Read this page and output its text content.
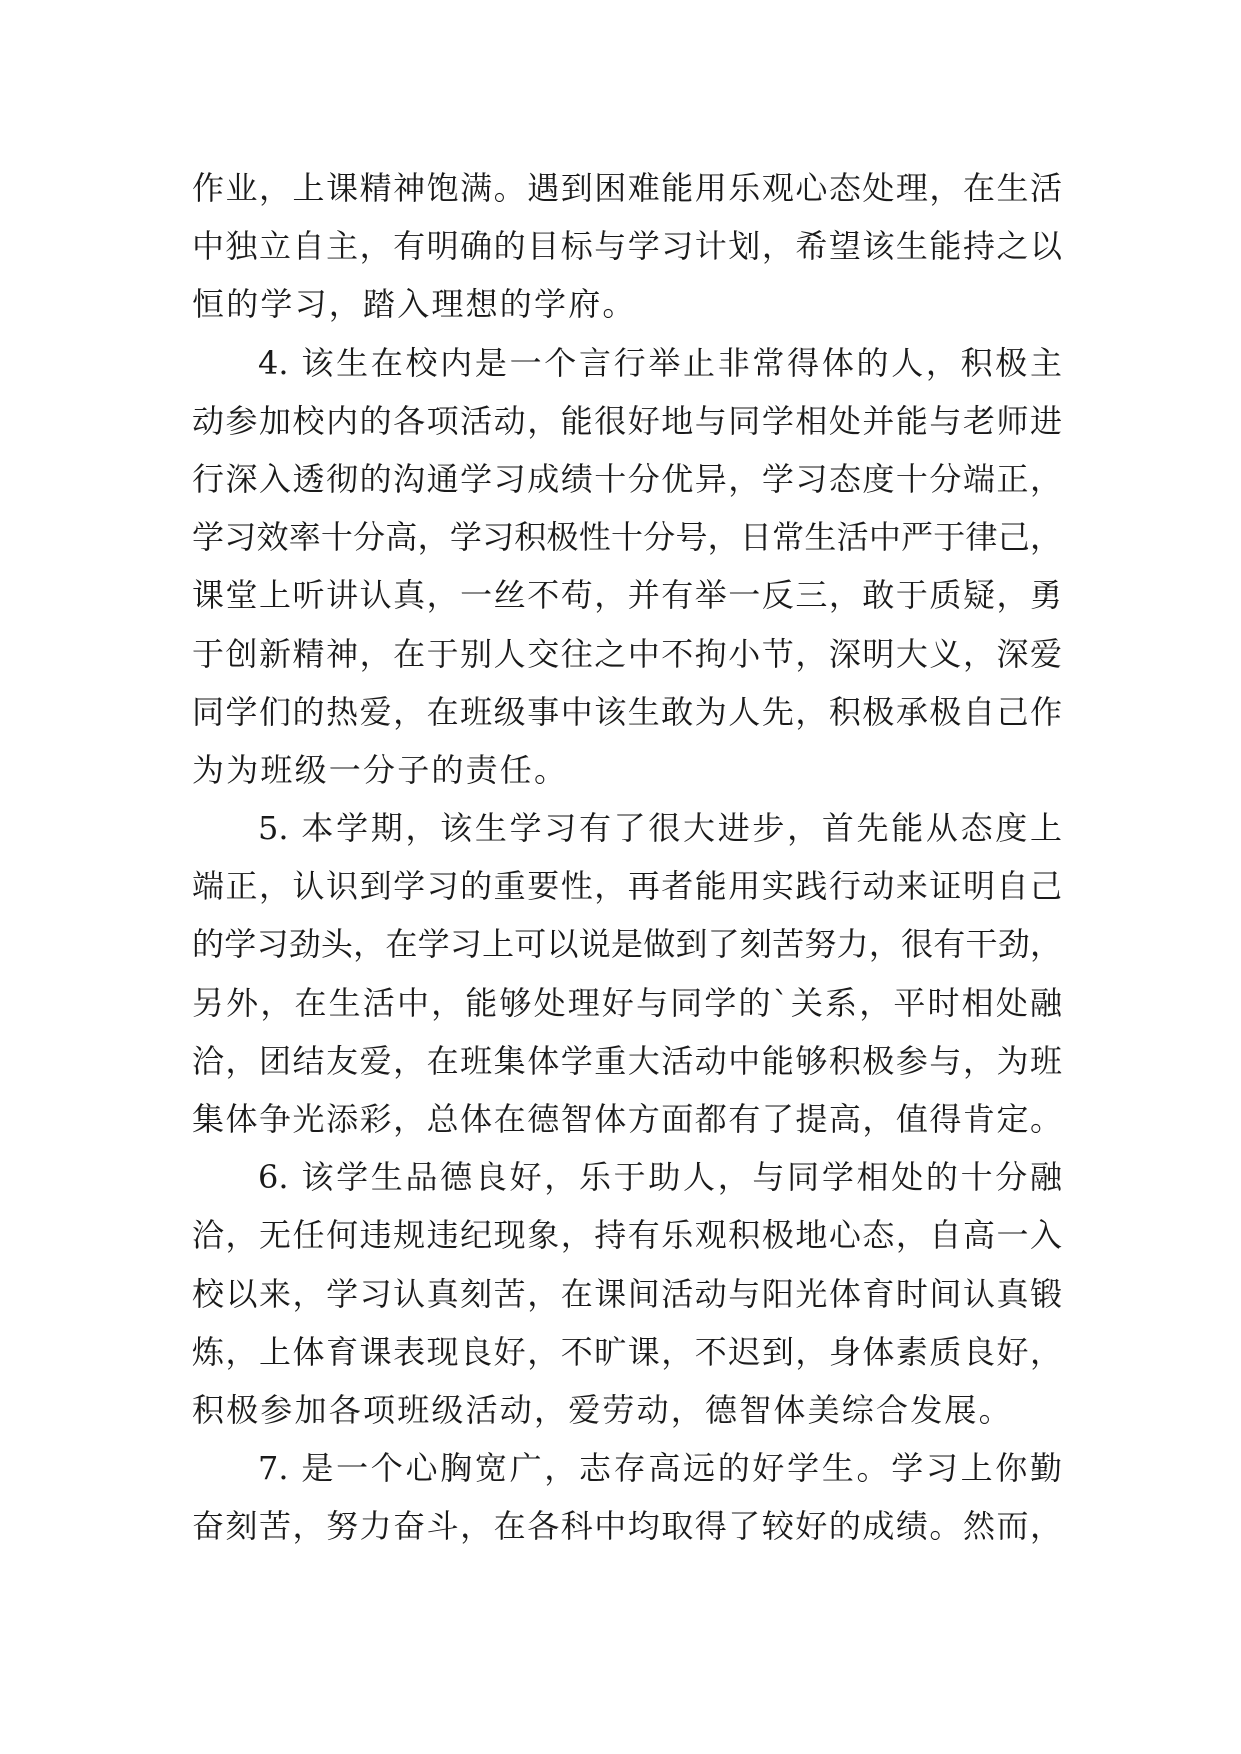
作业，上课精神饱满。遇到困难能用乐观心态处理，在生活
中独立自主，有明确的目标与学习计划，希望该生能持之以
恒的学习，踏入理想的学府。
4. 该生在校内是一个言行举止非常得体的人，积极主
动参加校内的各项活动，能很好地与同学相处并能与老师进
行深入透彻的沟通学习成绩十分优异，学习态度十分端正，
学习效率十分高，学习积极性十分号，日常生活中严于律己，
课堂上听讲认真，一丝不苟，并有举一反三，敢于质疑，勇
于创新精神，在于别人交往之中不拘小节，深明大义，深爱
同学们的热爱，在班级事中该生敢为人先，积极承极自己作
为为班级一分子的责任。
5. 本学期，该生学习有了很大进步，首先能从态度上
端正，认识到学习的重要性，再者能用实践行动来证明自己
的学习劲头，在学习上可以说是做到了刻苦努力，很有干劲，
另外，在生活中，能够处理好与同学的`关系，平时相处融
洽，团结友爱，在班集体学重大活动中能够积极参与，为班
集体争光添彩，总体在德智体方面都有了提高，值得肯定。
6. 该学生品德良好，乐于助人，与同学相处的十分融
洽，无任何违规违纪现象，持有乐观积极地心态，自高一入
校以来，学习认真刻苦，在课间活动与阳光体育时间认真锻
炼，上体育课表现良好，不旷课，不迟到，身体素质良好，
积极参加各项班级活动，爱劳动，德智体美综合发展。
7. 是一个心胸宽广，志存高远的好学生。学习上你勤
奋刻苦，努力奋斗，在各科中均取得了较好的成绩。然而，
